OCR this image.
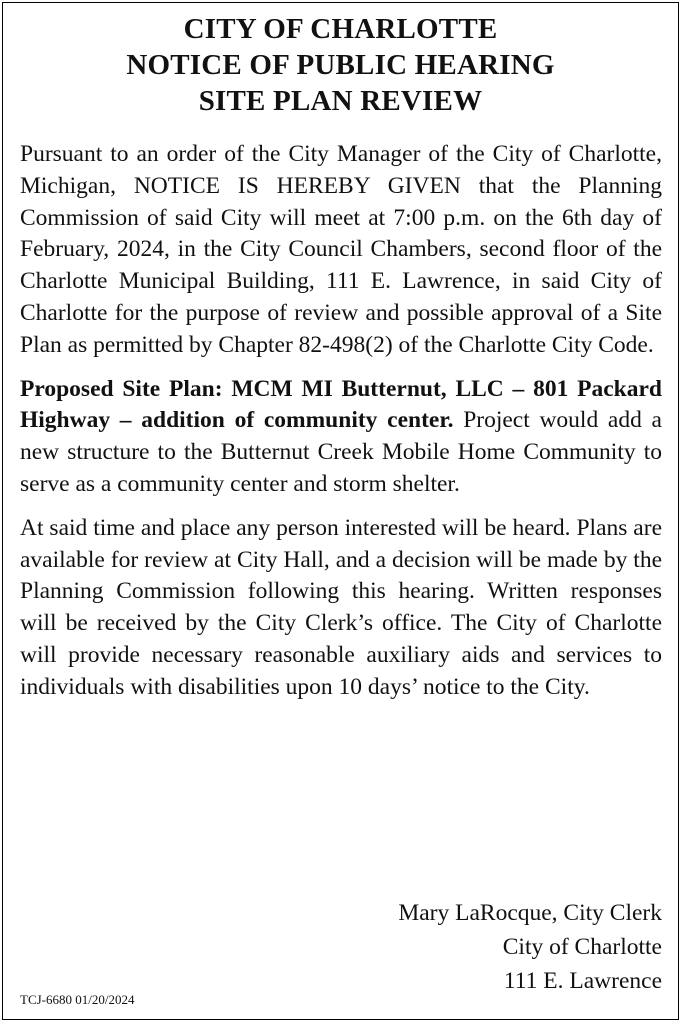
CITY OF CHARLOTTE
NOTICE OF PUBLIC HEARING
SITE PLAN REVIEW

Pursuant to an order of the City Manager of the City of Charlotte, Michigan, NOTICE IS HEREBY GIVEN that the Planning Commission of said City will meet at 7:00 p.m. on the 6th day of February, 2024, in the City Council Chambers, second floor of the Charlotte Municipal Building, 111 E. Lawrence, in said City of Charlotte for the purpose of review and possible approval of a Site Plan as permitted by Chapter 82-498(2) of the Charlotte City Code.

Proposed Site Plan: MCM MI Butternut, LLC – 801 Packard Highway – addition of community center. Project would add a new structure to the Butternut Creek Mobile Home Community to serve as a community center and storm shelter.

At said time and place any person interested will be heard. Plans are available for review at City Hall, and a decision will be made by the Planning Commission following this hearing. Written responses will be received by the City Clerk’s office. The City of Charlotte will provide necessary reasonable auxiliary aids and services to individuals with disabilities upon 10 days’ notice to the City.

Mary LaRocque, City Clerk
City of Charlotte
111 E. Lawrence
TCJ-6680 01/20/2024
